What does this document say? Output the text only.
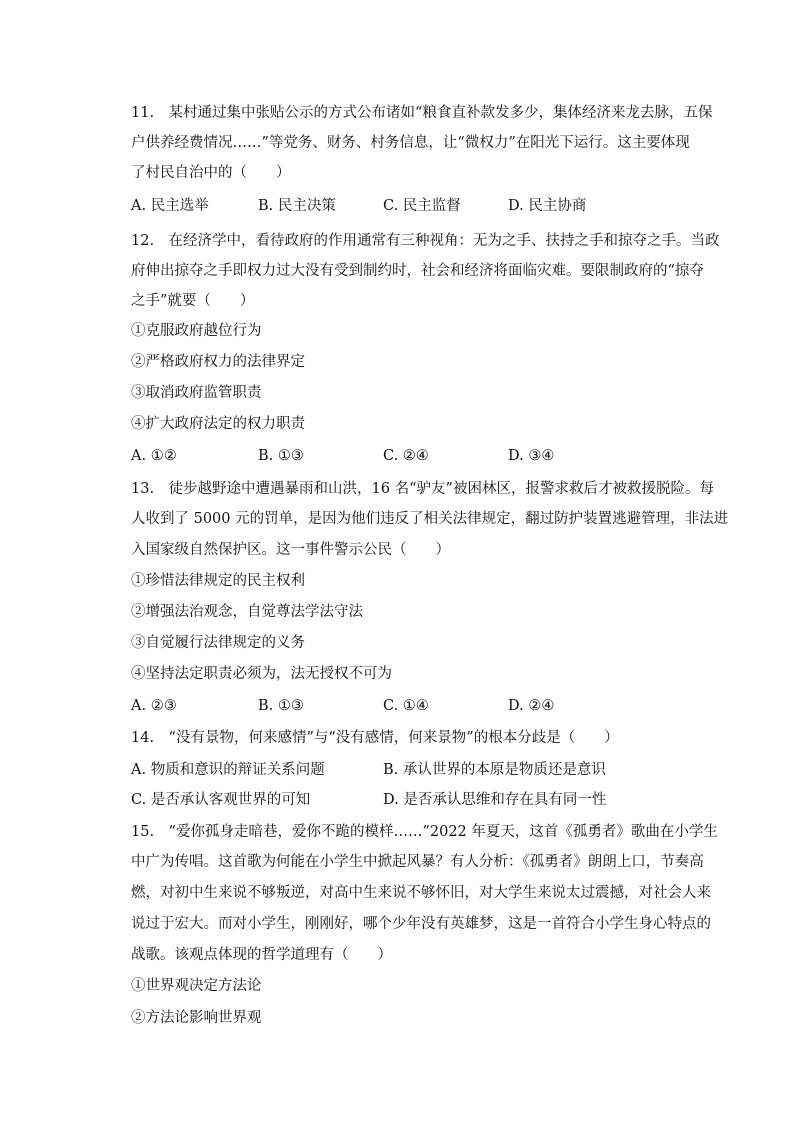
11.　某村通过集中张贴公示的方式公布诸如“粮食直补款发多少，集体经济来龙去脉，五保
户供养经费情况……”等党务、财务、村务信息，让“微权力”在阳光下运行。这主要体现
了村民自治中的（　　）
A. 民主选举	B. 民主决策	C. 民主监督	D. 民主协商
12.　在经济学中，看待政府的作用通常有三种视角：无为之手、扶持之手和掠夺之手。当政
府伸出掠夺之手即权力过大没有受到制约时，社会和经济将面临灾难。要限制政府的“掠夺
之手”就要（　　）
①克服政府越位行为
②严格政府权力的法律界定
③取消政府监管职责
④扩大政府法定的权力职责
A. ①②	B. ①③	C. ②④	D. ③④
13.　徒步越野途中遭遇暴雨和山洪，16 名“驴友”被困林区，报警求救后才被救援脱险。每
人收到了 5000 元的罚单，是因为他们违反了相关法律规定，翻过防护装置逃避管理，非法进
入国家级自然保护区。这一事件警示公民（　　）
①珍惜法律规定的民主权利
②增强法治观念，自觉尊法学法守法
③自觉履行法律规定的义务
④坚持法定职责必须为，法无授权不可为
A. ②③	B. ①③	C. ①④	D. ②④
14.　“没有景物，何来感情”与“没有感情，何来景物”的根本分歧是（　　）
A. 物质和意识的辩证关系问题	B. 承认世界的本原是物质还是意识
C. 是否承认客观世界的可知	D. 是否承认思维和存在具有同一性
15.　“爱你孤身走暗巷，爱你不跪的模样……”2022 年夏天，这首《孤勇者》歌曲在小学生
中广为传唱。这首歌为何能在小学生中掀起风暴？有人分析：《孤勇者》朗朗上口，节奏高
燃，对初中生来说不够叛逆，对高中生来说不够怀旧，对大学生来说太过震撼，对社会人来
说过于宏大。而对小学生，刚刚好，哪个少年没有英雄梦，这是一首符合小学生身心特点的
战歌。该观点体现的哲学道理有（　　）
①世界观决定方法论
②方法论影响世界观
